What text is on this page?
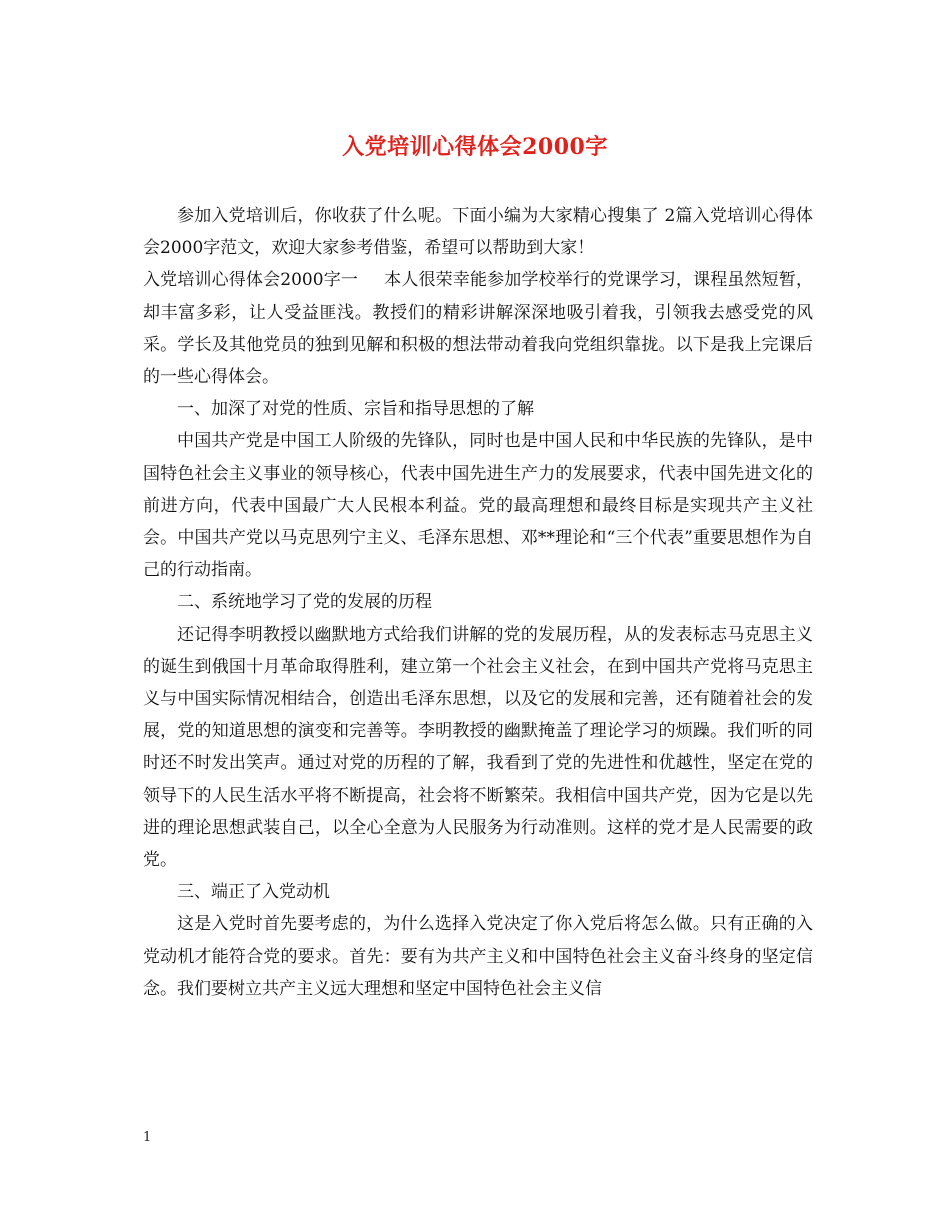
入党培训心得体会2000字

参加入党培训后，你收获了什么呢。下面小编为大家精心搜集了 2篇入党培训心得体会2000字范文，欢迎大家参考借鉴，希望可以帮助到大家！

入党培训心得体会2000字一 本人很荣幸能参加学校举行的党课学习，课程虽然短暂，却丰富多彩，让人受益匪浅。教授们的精彩讲解深深地吸引着我，引领我去感受党的风采。学长及其他党员的独到见解和积极的想法带动着我向党组织靠拢。以下是我上完课后的一些心得体会。

一、加深了对党的性质、宗旨和指导思想的了解

中国共产党是中国工人阶级的先锋队，同时也是中国人民和中华民族的先锋队，是中国特色社会主义事业的领导核心，代表中国先进生产力的发展要求，代表中国先进文化的前进方向，代表中国最广大人民根本利益。党的最高理想和最终目标是实现共产主义社会。中国共产党以马克思列宁主义、毛泽东思想、邓**理论和“三个代表”重要思想作为自己的行动指南。

二、系统地学习了党的发展的历程

还记得李明教授以幽默地方式给我们讲解的党的发展历程，从的发表标志马克思主义的诞生到俄国十月革命取得胜利，建立第一个社会主义社会，在到中国共产党将马克思主义与中国实际情况相结合，创造出毛泽东思想，以及它的发展和完善，还有随着社会的发展，党的知道思想的演变和完善等。李明教授的幽默掩盖了理论学习的烦躁。我们听的同时还不时发出笑声。通过对党的历程的了解，我看到了党的先进性和优越性，坚定在党的领导下的人民生活水平将不断提高，社会将不断繁荣。我相信中国共产党，因为它是以先进的理论思想武装自己，以全心全意为人民服务为行动准则。这样的党才是人民需要的政党。

三、端正了入党动机

这是入党时首先要考虑的，为什么选择入党决定了你入党后将怎么做。只有正确的入党动机才能符合党的要求。首先：要有为共产主义和中国特色社会主义奋斗终身的坚定信念。我们要树立共产主义远大理想和坚定中国特色社会主义信

1
